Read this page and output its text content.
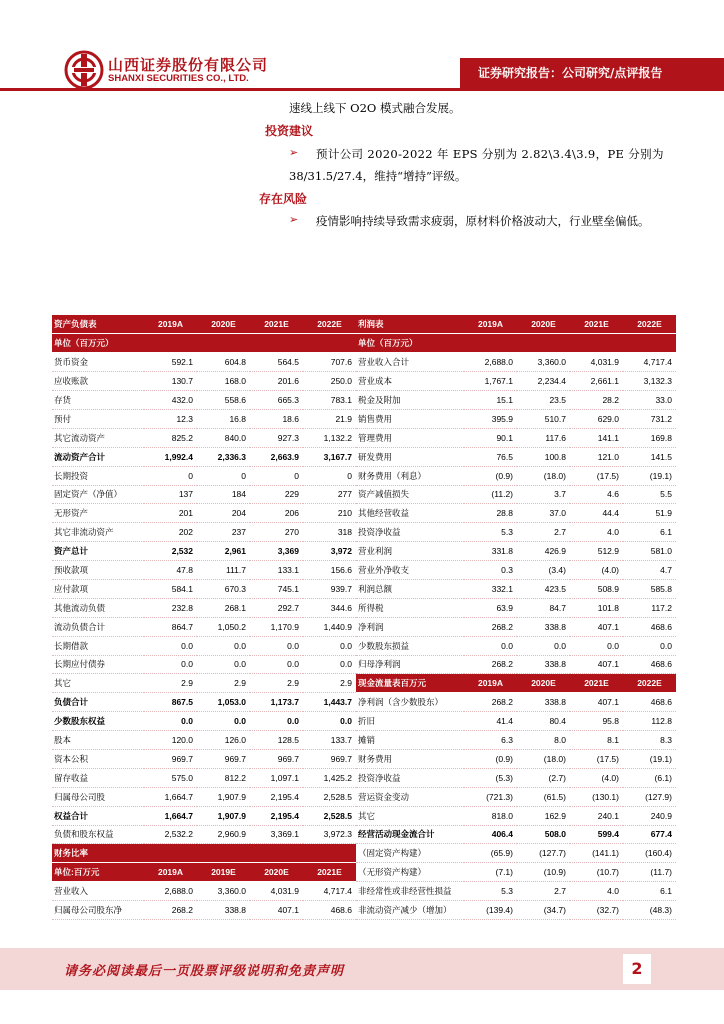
山西证券股份有限公司
SHANXI SECURITIES CO., LTD.	证券研究报告：公司研究/点评报告
速线上线下 O2O 模式融合发展。
投资建议
➢ 预计公司 2020-2022 年 EPS 分别为 2.82\3.4\3.9，PE 分别为
38/31.5/27.4，维持“增持”评级。
存在风险
➢ 疫情影响持续导致需求疲弱，原材料价格波动大，行业壁垒偏低。
资产负债表	2019A	2020E	2021E	2022E
单位（百万元）				
货币资金	592.1	604.8	564.5	707.6
应收账款	130.7	168.0	201.6	250.0
存货	432.0	558.6	665.3	783.1
预付	12.3	16.8	18.6	21.9
其它流动资产	825.2	840.0	927.3	1,132.2
流动资产合计	1,992.4	2,336.3	2,663.9	3,167.7
长期投资	0	0	0	0
固定资产（净值）	137	184	229	277
无形资产	201	204	206	210
其它非流动资产	202	237	270	318
资产总计	2,532	2,961	3,369	3,972
预收款项	47.8	111.7	133.1	156.6
应付款项	584.1	670.3	745.1	939.7
其他流动负债	232.8	268.1	292.7	344.6
流动负债合计	864.7	1,050.2	1,170.9	1,440.9
长期借款	0.0	0.0	0.0	0.0
长期应付债券	0.0	0.0	0.0	0.0
其它	2.9	2.9	2.9	2.9
负债合计	867.5	1,053.0	1,173.7	1,443.7
少数股东权益	0.0	0.0	0.0	0.0
股本	120.0	126.0	128.5	133.7
资本公积	969.7	969.7	969.7	969.7
留存收益	575.0	812.2	1,097.1	1,425.2
归属母公司股	1,664.7	1,907.9	2,195.4	2,528.5
权益合计	1,664.7	1,907.9	2,195.4	2,528.5
负债和股东权益	2,532.2	2,960.9	3,369.1	3,972.3
财务比率				
单位:百万元	2019A	2019E	2020E	2021E
营业收入	2,688.0	3,360.0	4,031.9	4,717.4
归属母公司股东净	268.2	338.8	407.1	468.6
利润表	2019A	2020E	2021E	2022E
单位（百万元）				
营业收入合计	2,688.0	3,360.0	4,031.9	4,717.4
营业成本	1,767.1	2,234.4	2,661.1	3,132.3
税金及附加	15.1	23.5	28.2	33.0
销售费用	395.9	510.7	629.0	731.2
管理费用	90.1	117.6	141.1	169.8
研发费用	76.5	100.8	121.0	141.5
财务费用（利息）	(0.9)	(18.0)	(17.5)	(19.1)
资产减值损失	(11.2)	3.7	4.6	5.5
其他经营收益	28.8	37.0	44.4	51.9
投资净收益	5.3	2.7	4.0	6.1
营业利润	331.8	426.9	512.9	581.0
营业外净收支	0.3	(3.4)	(4.0)	4.7
利润总额	332.1	423.5	508.9	585.8
所得税	63.9	84.7	101.8	117.2
净利润	268.2	338.8	407.1	468.6
少数股东损益	0.0	0.0	0.0	0.0
归母净利润	268.2	338.8	407.1	468.6
现金流量表百万元	2019A	2020E	2021E	2022E
净利润（含少数股东）	268.2	338.8	407.1	468.6
折旧	41.4	80.4	95.8	112.8
摊销	6.3	8.0	8.1	8.3
财务费用	(0.9)	(18.0)	(17.5)	(19.1)
投资净收益	(5.3)	(2.7)	(4.0)	(6.1)
营运资金变动	(721.3)	(61.5)	(130.1)	(127.9)
其它	818.0	162.9	240.1	240.9
经营活动现金流合计	406.4	508.0	599.4	677.4
（固定资产构建）	(65.9)	(127.7)	(141.1)	(160.4)
（无形资产构建）	(7.1)	(10.9)	(10.7)	(11.7)
非经常性或非经营性损益	5.3	2.7	4.0	6.1
非流动资产减少（增加）	(139.4)	(34.7)	(32.7)	(48.3)
请务必阅读最后一页股票评级说明和免责声明	2
